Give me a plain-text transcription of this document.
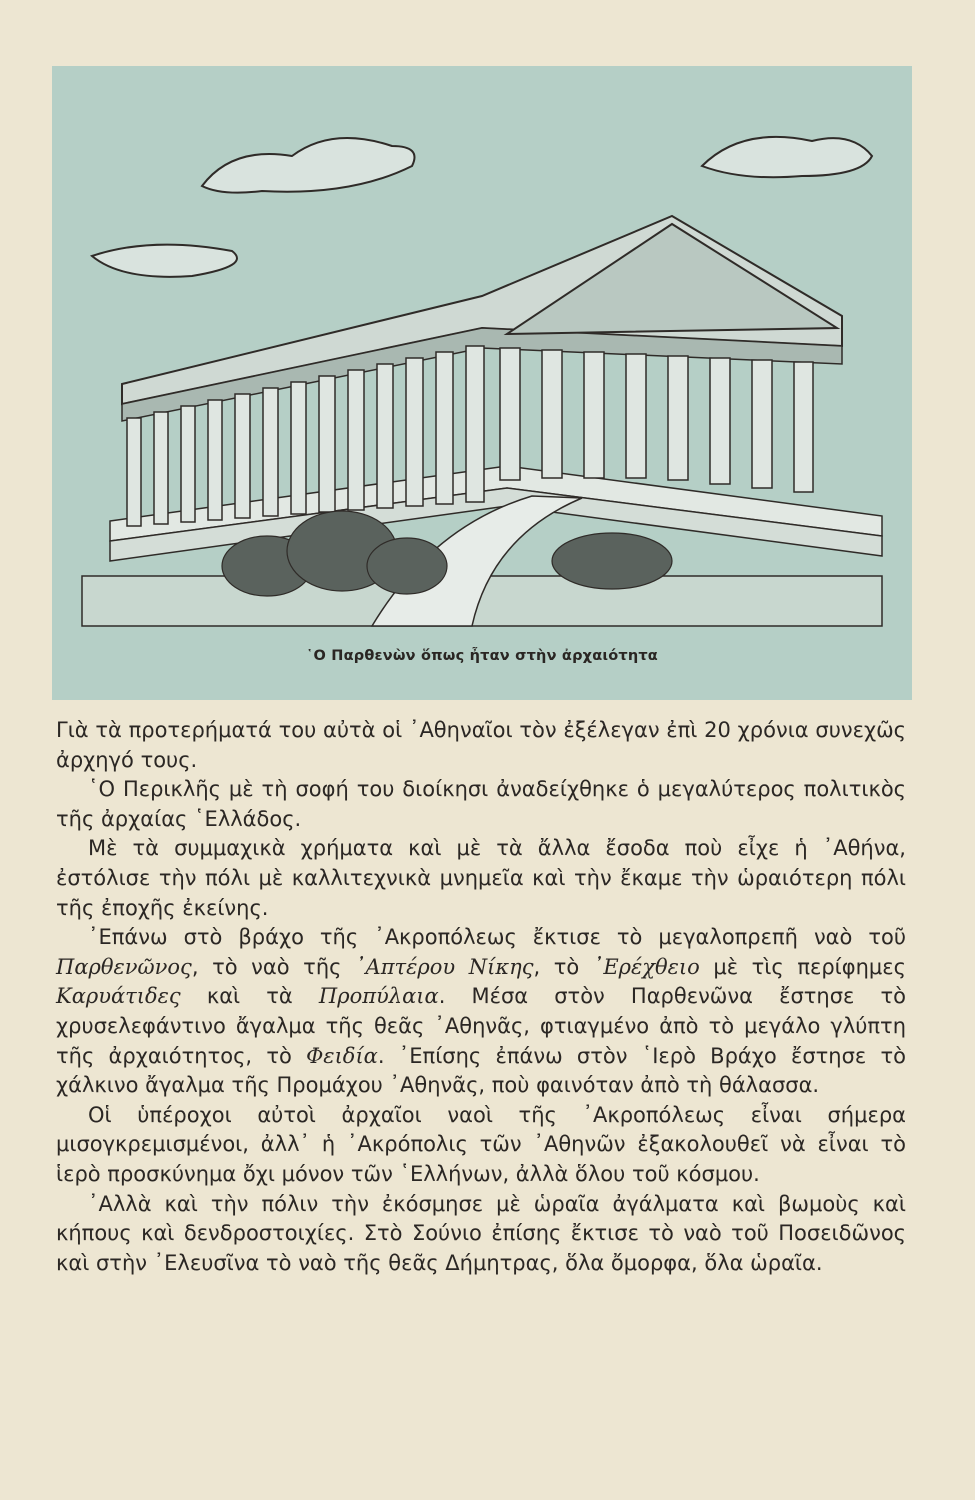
῾Ο Παρθενὼν ὅπως ἦταν στὴν ἀρχαιότητα

Γιὰ τὰ προτερήματά του αὐτὰ οἱ ᾿Αθηναῖοι τὸν ἐξέλεγαν ἐπὶ 20 χρόνια συνεχῶς ἀρχηγό τους.

῾Ο Περικλῆς μὲ τὴ σοφή του διοίκησι ἀναδείχθηκε ὁ μεγαλύτερος πολιτικὸς τῆς ἀρχαίας ῾Ελλάδος.

Μὲ τὰ συμμαχικὰ χρήματα καὶ μὲ τὰ ἄλλα ἔσοδα ποὺ εἶχε ἡ ᾿Αθήνα, ἐστόλισε τὴν πόλι μὲ καλλιτεχνικὰ μνημεῖα καὶ τὴν ἔκαμε τὴν ὡραιότερη πόλι τῆς ἐποχῆς ἐκείνης.

᾿Επάνω στὸ βράχο τῆς ᾿Ακροπόλεως ἔκτισε τὸ μεγαλοπρεπῆ ναὸ τοῦ Παρθενῶνος, τὸ ναὸ τῆς ᾿Απτέρου Νίκης, τὸ ᾿Ερέχθειο μὲ τὶς περίφημες Καρυάτιδες καὶ τὰ Προπύλαια. Μέσα στὸν Παρθενῶνα ἔστησε τὸ χρυσελεφάντινο ἄγαλμα τῆς θεᾶς ᾿Αθηνᾶς, φτιαγμένο ἀπὸ τὸ μεγάλο γλύπτη τῆς ἀρχαιότητος, τὸ Φειδία. ᾿Επίσης ἐπάνω στὸν ῾Ιερὸ Βράχο ἔστησε τὸ χάλκινο ἄγαλμα τῆς Προμάχου ᾿Αθηνᾶς, ποὺ φαινόταν ἀπὸ τὴ θάλασσα.

Οἱ ὑπέροχοι αὐτοὶ ἀρχαῖοι ναοὶ τῆς ᾿Ακροπόλεως εἶναι σήμερα μισογκρεμισμένοι, ἀλλ᾿ ἡ ᾿Ακρόπολις τῶν ᾿Αθηνῶν ἐξακολουθεῖ νὰ εἶναι τὸ ἱερὸ προσκύνημα ὄχι μόνον τῶν ῾Ελλήνων, ἀλλὰ ὅλου τοῦ κόσμου.

᾿Αλλὰ καὶ τὴν πόλιν τὴν ἐκόσμησε μὲ ὡραῖα ἀγάλματα καὶ βωμοὺς καὶ κήπους καὶ δενδροστοιχίες. Στὸ Σούνιο ἐπίσης ἔκτισε τὸ ναὸ τοῦ Ποσειδῶνος καὶ στὴν ᾿Ελευσῖνα τὸ ναὸ τῆς θεᾶς Δήμητρας, ὅλα ὄμορφα, ὅλα ὡραῖα.
